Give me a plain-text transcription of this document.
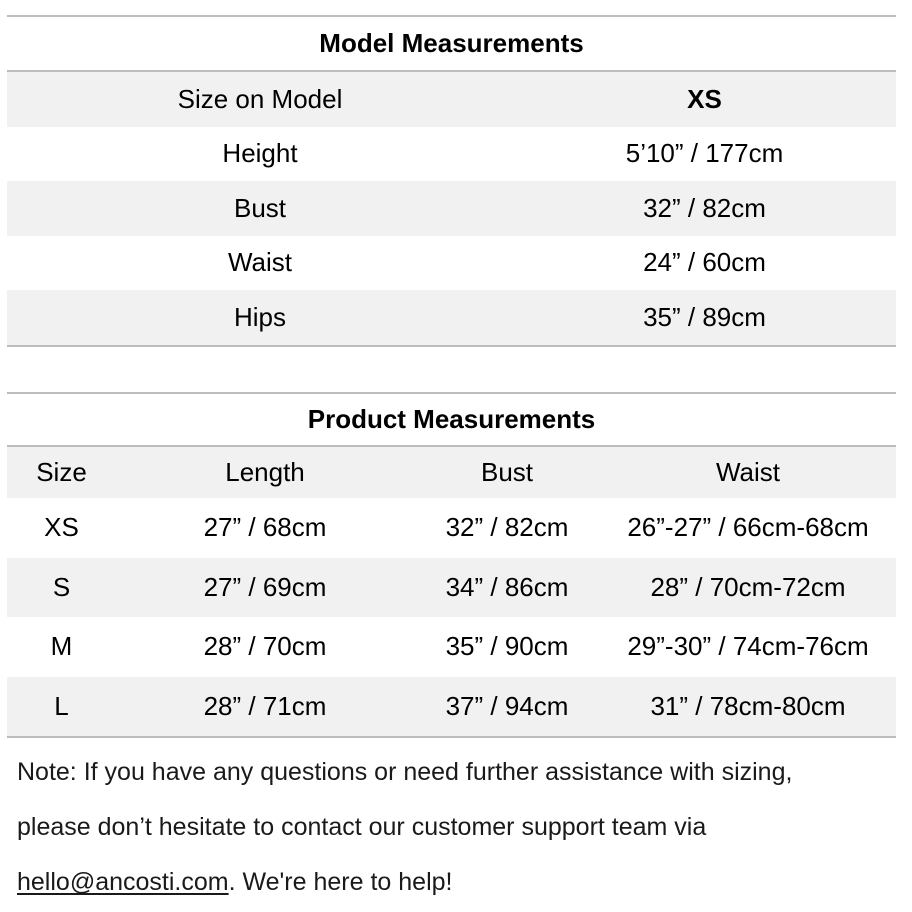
Model Measurements
Size on Model	XS
Height	5’10” / 177cm
Bust	32” / 82cm
Waist	24” / 60cm
Hips	35” / 89cm
Product Measurements
Size	Length	Bust	Waist
XS	27” / 68cm	32” / 82cm	26”-27” / 66cm-68cm
S	27” / 69cm	34” / 86cm	28” / 70cm-72cm
M	28” / 70cm	35” / 90cm	29”-30” / 74cm-76cm
L	28” / 71cm	37” / 94cm	31” / 78cm-80cm

Note: If you have any questions or need further assistance with sizing,

please don’t hesitate to contact our customer support team via

hello@ancosti.com. We're here to help!
